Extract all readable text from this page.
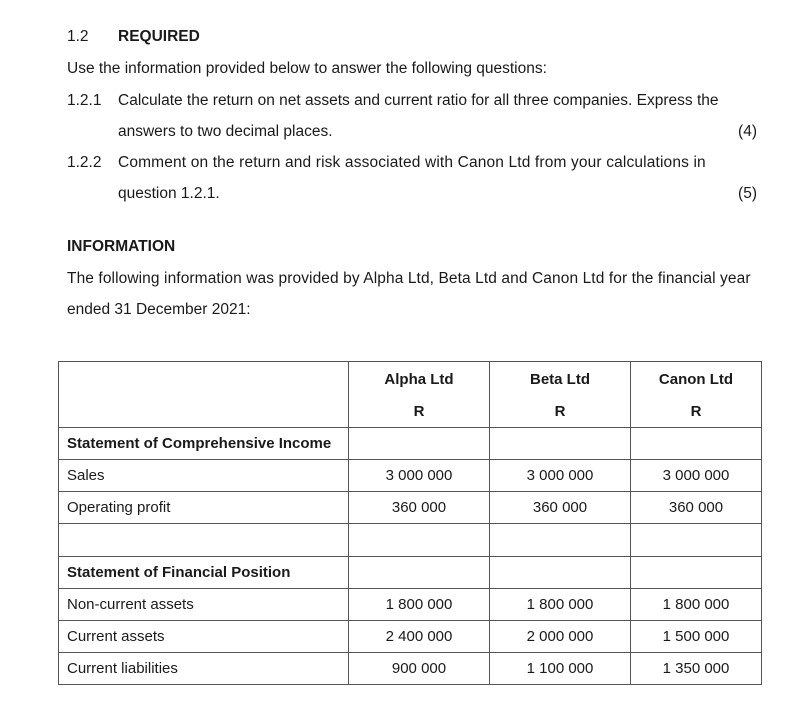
1.2 REQUIRED
Use the information provided below to answer the following questions:
1.2.1 Calculate the return on net assets and current ratio for all three companies. Express the
answers to two decimal places.	(4)
1.2.2 Comment on the return and risk associated with Canon Ltd from your calculations in
question 1.2.1.	(5)
INFORMATION
The following information was provided by Alpha Ltd, Beta Ltd and Canon Ltd for the financial year
ended 31 December 2021:
	Alpha Ltd	Beta Ltd	Canon Ltd
	R	R	R
Statement of Comprehensive Income			
Sales	3 000 000	3 000 000	3 000 000
Operating profit	360 000	360 000	360 000

Statement of Financial Position			
Non-current assets	1 800 000	1 800 000	1 800 000
Current assets	2 400 000	2 000 000	1 500 000
Current liabilities	900 000	1 100 000	1 350 000
